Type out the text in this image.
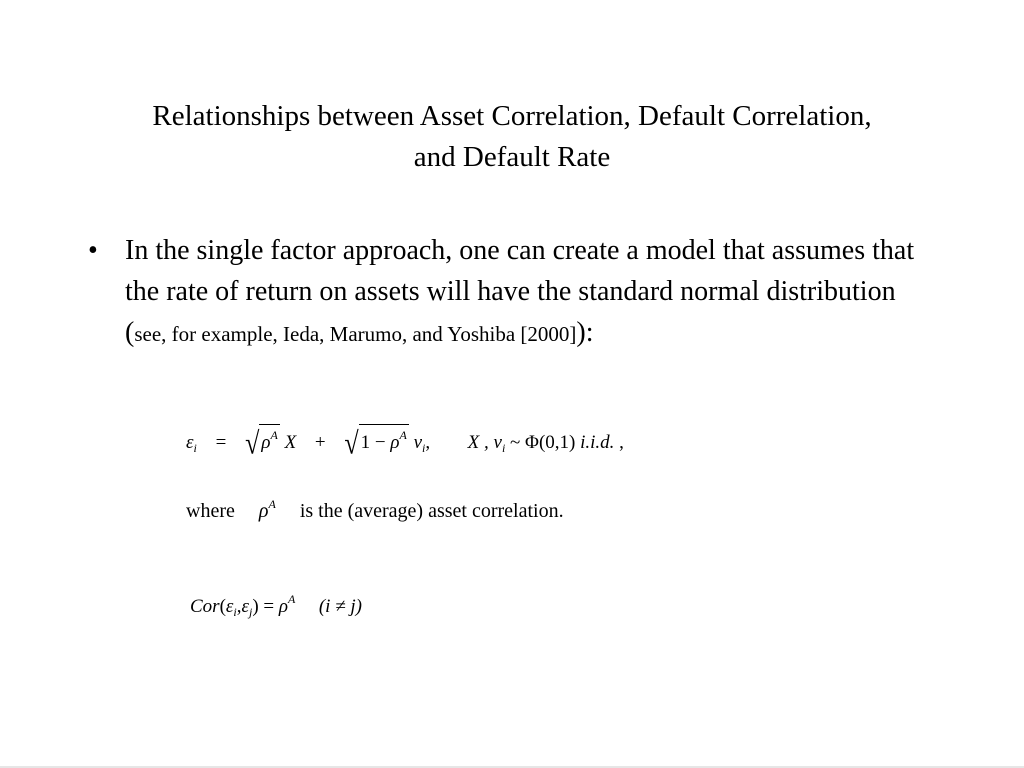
Relationships between Asset Correlation, Default Correlation,
and Default Rate
• In the single factor approach, one can create a model that assumes that the rate of return on assets will have the standard normal distribution (see, for example, Ieda, Marumo, and Yoshiba [2000]):
$\varepsilon_i$ = √ $\rho^A$ X + √ $1 - \rho^A$ $v_i$, X , $v_i$ ~ Φ(0,1) i.i.d. ,
where $\rho^A$ is the (average) asset correlation.
$Cor(\varepsilon_i,\varepsilon_j) = \rho^A$ (i ≠ j)
